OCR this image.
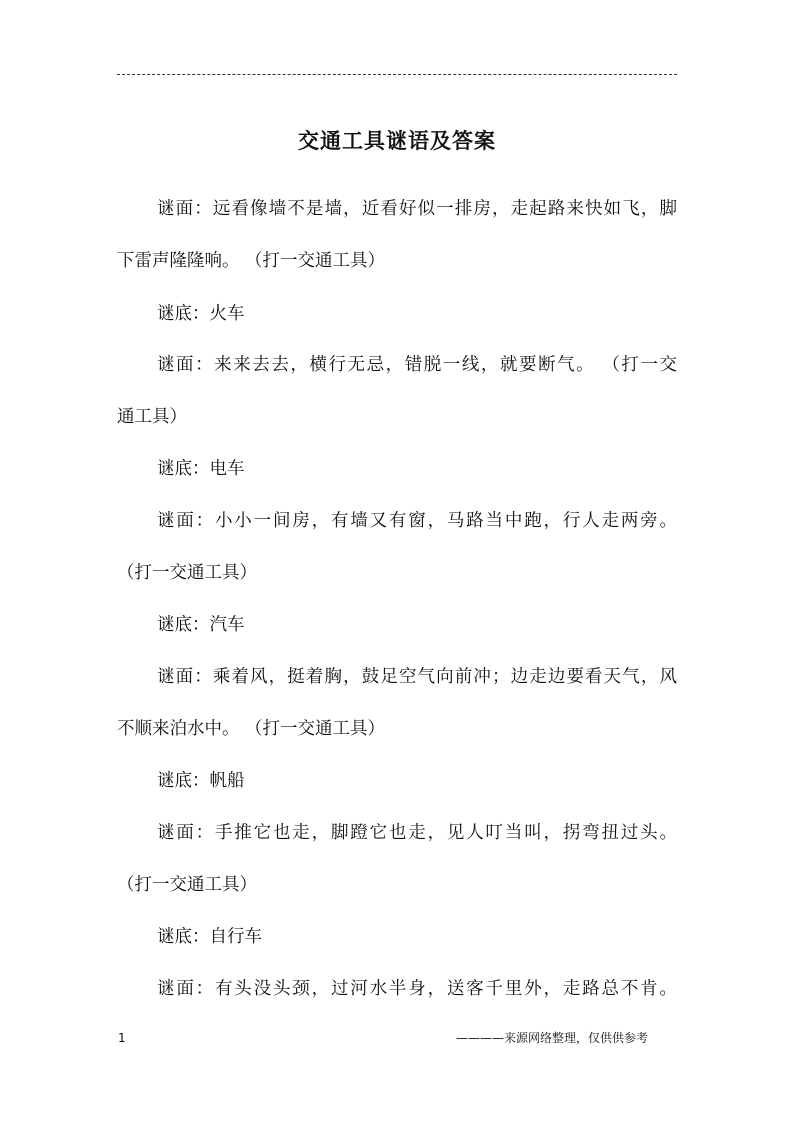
交通工具谜语及答案
谜面：远看像墙不是墙，近看好似一排房，走起路来快如飞，脚
下雷声隆隆响。 （打一交通工具）
谜底：火车
谜面：来来去去，横行无忌，错脱一线，就要断气。 （打一交
通工具）
谜底：电车
谜面：小小一间房，有墙又有窗，马路当中跑，行人走两旁。
（打一交通工具）
谜底：汽车
谜面：乘着风，挺着胸，鼓足空气向前冲；边走边要看天气，风
不顺来泊水中。 （打一交通工具）
谜底：帆船
谜面：手推它也走，脚蹬它也走，见人叮当叫，拐弯扭过头。
（打一交通工具）
谜底：自行车
谜面：有头没头颈，过河水半身，送客千里外，走路总不肯。
1	————来源网络整理，仅供供参考
